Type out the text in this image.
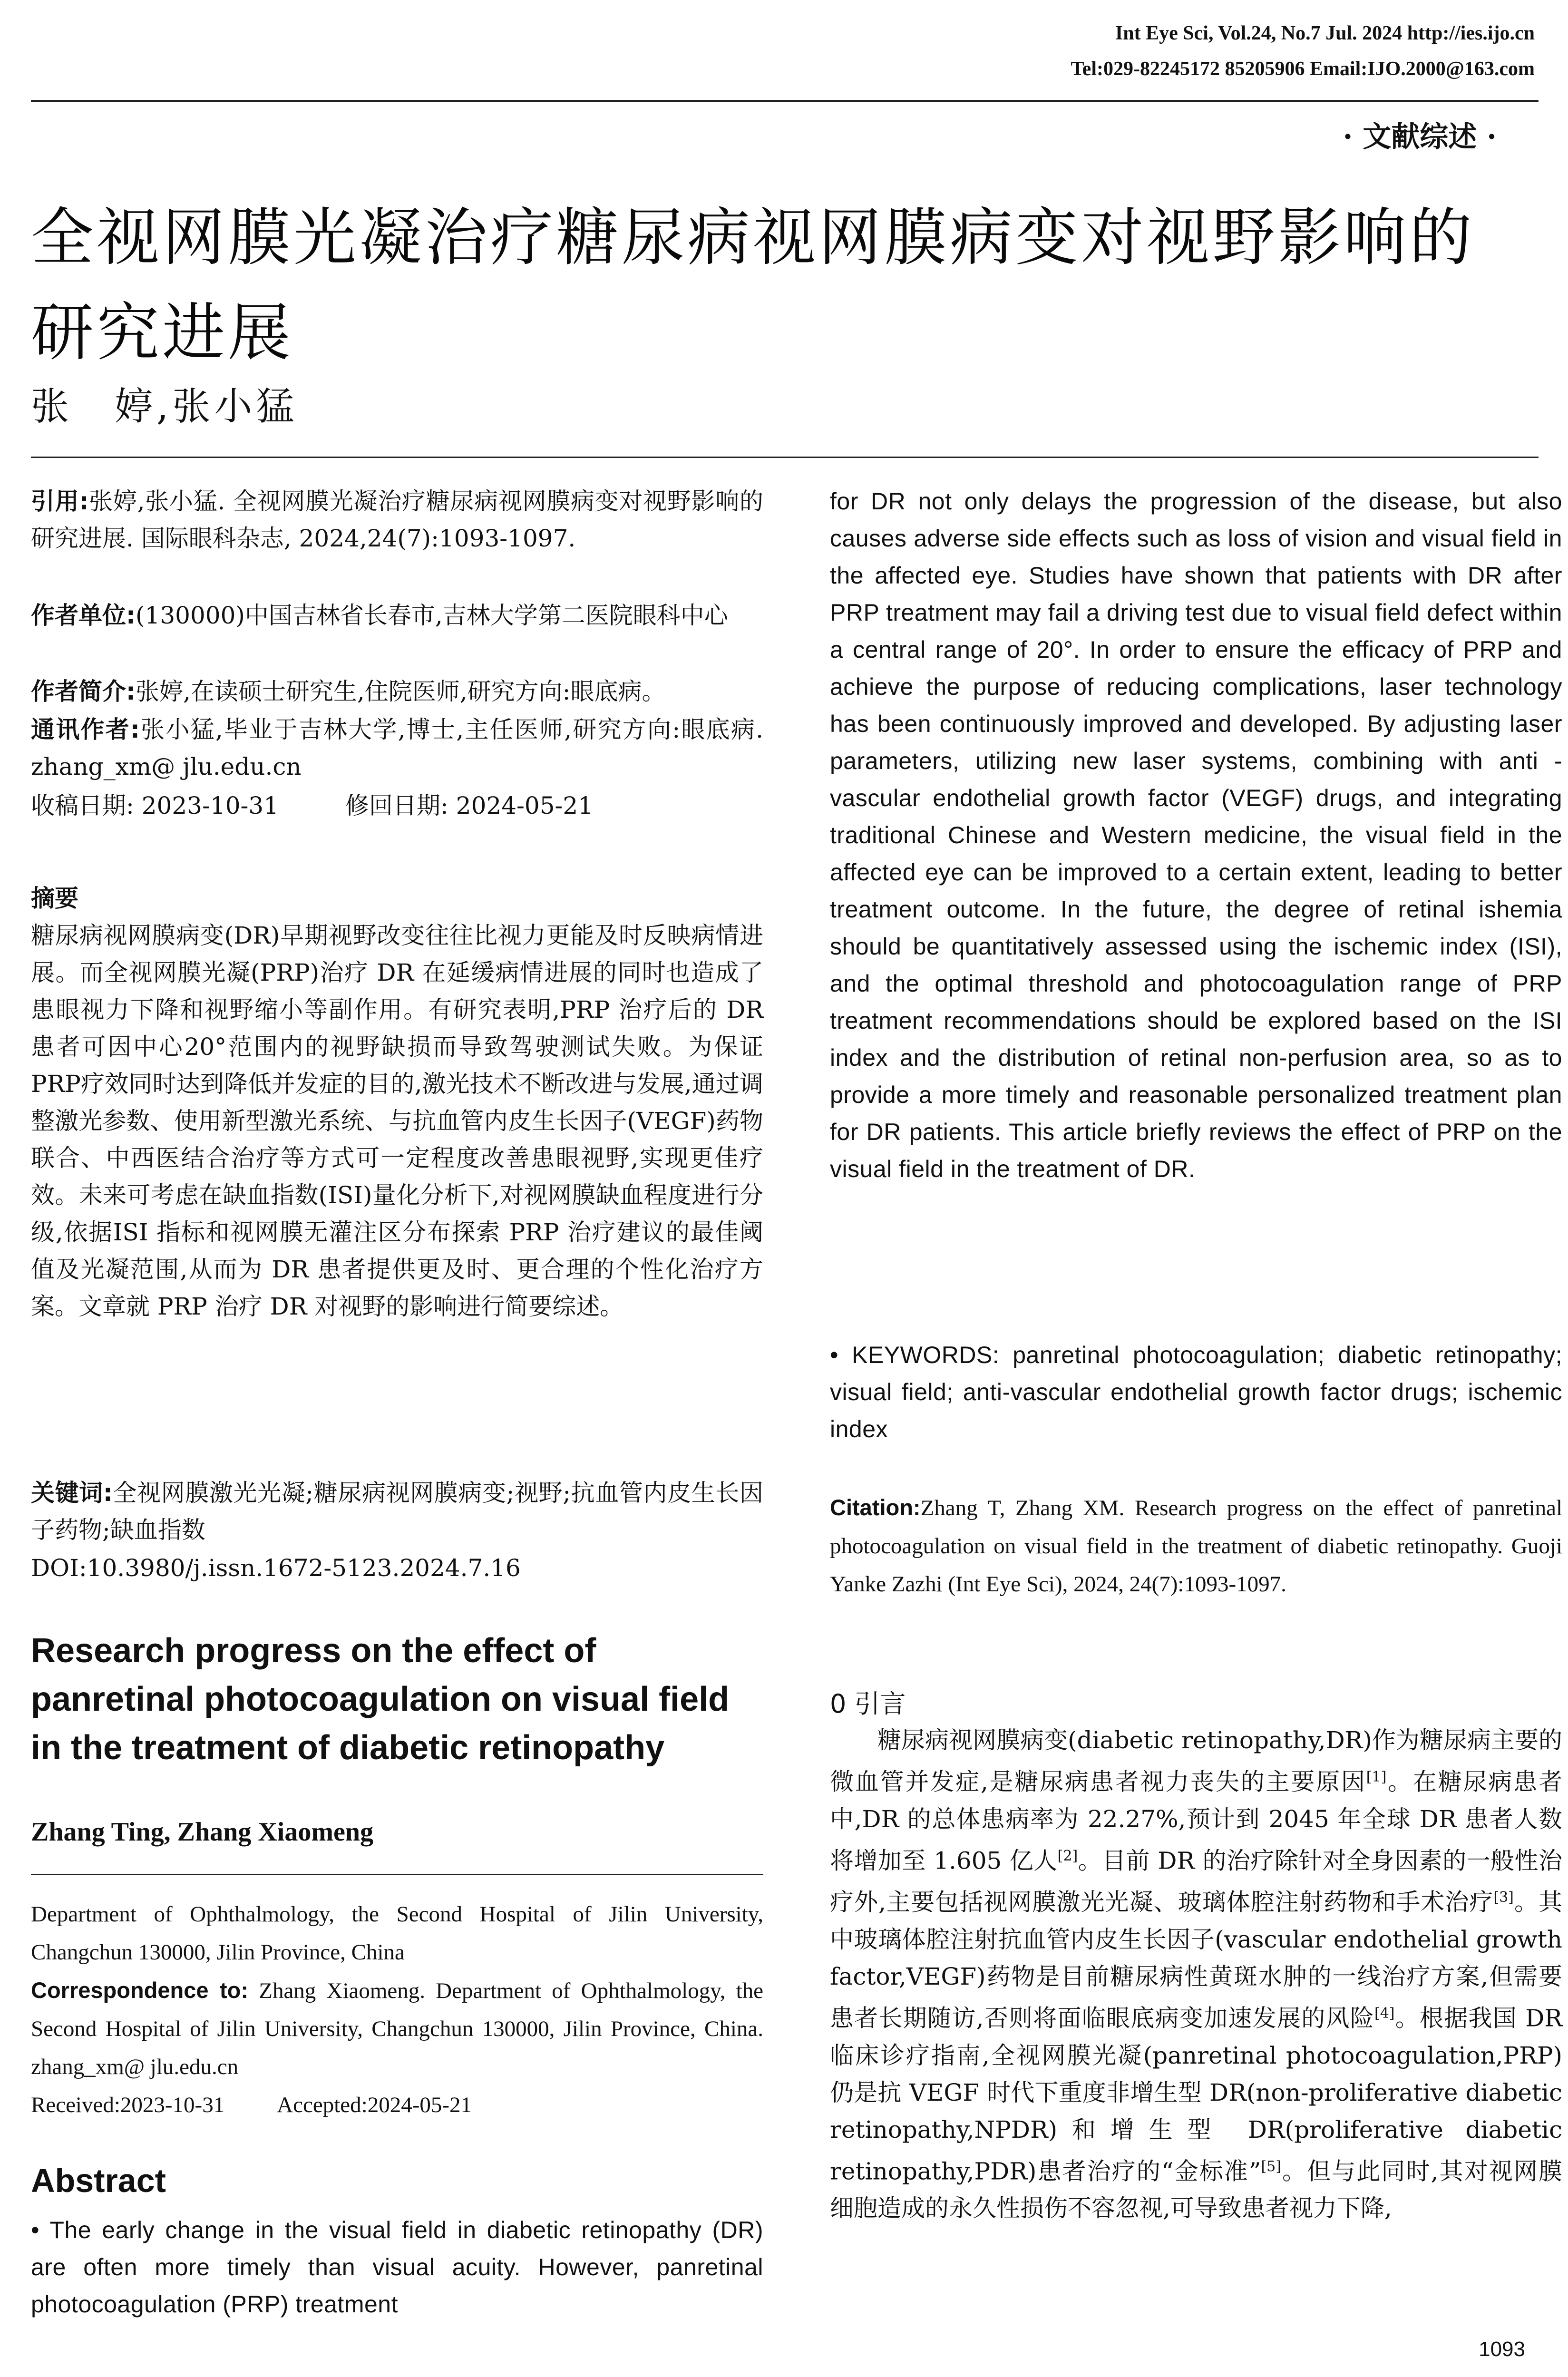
Int Eye Sci, Vol.24, No.7 Jul. 2024 http://ies.ijo.cn
Tel:029-82245172 85205906 Email:IJO.2000@163.com
· 文献综述 ·
全视网膜光凝治疗糖尿病视网膜病变对视野影响的研究进展
张　婷,张小猛
引用:张婷,张小猛. 全视网膜光凝治疗糖尿病视网膜病变对视野影响的研究进展. 国际眼科杂志, 2024,24(7):1093-1097.
作者单位:(130000)中国吉林省长春市,吉林大学第二医院眼科中心
作者简介:张婷,在读硕士研究生,住院医师,研究方向:眼底病。
通讯作者:张小猛,毕业于吉林大学,博士,主任医师,研究方向:眼底病. zhang_xm@ jlu.edu.cn
收稿日期: 2023-10-31	修回日期: 2024-05-21
摘要
糖尿病视网膜病变(DR)早期视野改变往往比视力更能及时反映病情进展。而全视网膜光凝(PRP)治疗 DR 在延缓病情进展的同时也造成了患眼视力下降和视野缩小等副作用。有研究表明,PRP 治疗后的 DR 患者可因中心20°范围内的视野缺损而导致驾驶测试失败。为保证 PRP疗效同时达到降低并发症的目的,激光技术不断改进与发展,通过调整激光参数、使用新型激光系统、与抗血管内皮生长因子(VEGF)药物联合、中西医结合治疗等方式可一定程度改善患眼视野,实现更佳疗效。未来可考虑在缺血指数(ISI)量化分析下,对视网膜缺血程度进行分级,依据ISI 指标和视网膜无灌注区分布探索 PRP 治疗建议的最佳阈值及光凝范围,从而为 DR 患者提供更及时、更合理的个性化治疗方案。文章就 PRP 治疗 DR 对视野的影响进行简要综述。
关键词:全视网膜激光光凝;糖尿病视网膜病变;视野;抗血管内皮生长因子药物;缺血指数
DOI:10.3980/j.issn.1672-5123.2024.7.16
Research progress on the effect of panretinal photocoagulation on visual field in the treatment of diabetic retinopathy
Zhang Ting, Zhang Xiaomeng

Department of Ophthalmology, the Second Hospital of Jilin University, Changchun 130000, Jilin Province, China

Correspondence to: Zhang Xiaomeng. Department of Ophthalmology, the Second Hospital of Jilin University, Changchun 130000, Jilin Province, China. zhang_xm@ jlu.edu.cn

Received:2023-10-31 Accepted:2024-05-21

Abstract
• The early change in the visual field in diabetic retinopathy (DR) are often more timely than visual acuity. However, panretinal photocoagulation (PRP) treatment
for DR not only delays the progression of the disease, but also causes adverse side effects such as loss of vision and visual field in the affected eye. Studies have shown that patients with DR after PRP treatment may fail a driving test due to visual field defect within a central range of 20°. In order to ensure the efficacy of PRP and achieve the purpose of reducing complications, laser technology has been continuously improved and developed. By adjusting laser parameters, utilizing new laser systems, combining with anti - vascular endothelial growth factor (VEGF) drugs, and integrating traditional Chinese and Western medicine, the visual field in the affected eye can be improved to a certain extent, leading to better treatment outcome. In the future, the degree of retinal ishemia should be quantitatively assessed using the ischemic index (ISI), and the optimal threshold and photocoagulation range of PRP treatment recommendations should be explored based on the ISI index and the distribution of retinal non-perfusion area, so as to provide a more timely and reasonable personalized treatment plan for DR patients. This article briefly reviews the effect of PRP on the visual field in the treatment of DR.
• KEYWORDS: panretinal photocoagulation; diabetic retinopathy; visual field; anti-vascular endothelial growth factor drugs; ischemic index
Citation:Zhang T, Zhang XM. Research progress on the effect of panretinal photocoagulation on visual field in the treatment of diabetic retinopathy. Guoji Yanke Zazhi (Int Eye Sci), 2024, 24(7):1093-1097.
0 引言
糖尿病视网膜病变(diabetic retinopathy,DR)作为糖尿病主要的微血管并发症,是糖尿病患者视力丧失的主要原因[1]。在糖尿病患者中,DR 的总体患病率为 22.27%,预计到 2045 年全球 DR 患者人数将增加至 1.605 亿人[2]。目前 DR 的治疗除针对全身因素的一般性治疗外,主要包括视网膜激光光凝、玻璃体腔注射药物和手术治疗[3]。其中玻璃体腔注射抗血管内皮生长因子(vascular endothelial growth factor,VEGF)药物是目前糖尿病性黄斑水肿的一线治疗方案,但需要患者长期随访,否则将面临眼底病变加速发展的风险[4]。根据我国 DR 临床诊疗指南,全视网膜光凝(panretinal photocoagulation,PRP)仍是抗 VEGF 时代下重度非增生型 DR(non-proliferative diabetic retinopathy,NPDR)和增生型 DR(proliferative diabetic retinopathy,PDR)患者治疗的“金标准”[5]。但与此同时,其对视网膜细胞造成的永久性损伤不容忽视,可导致患者视力下降,
1093
